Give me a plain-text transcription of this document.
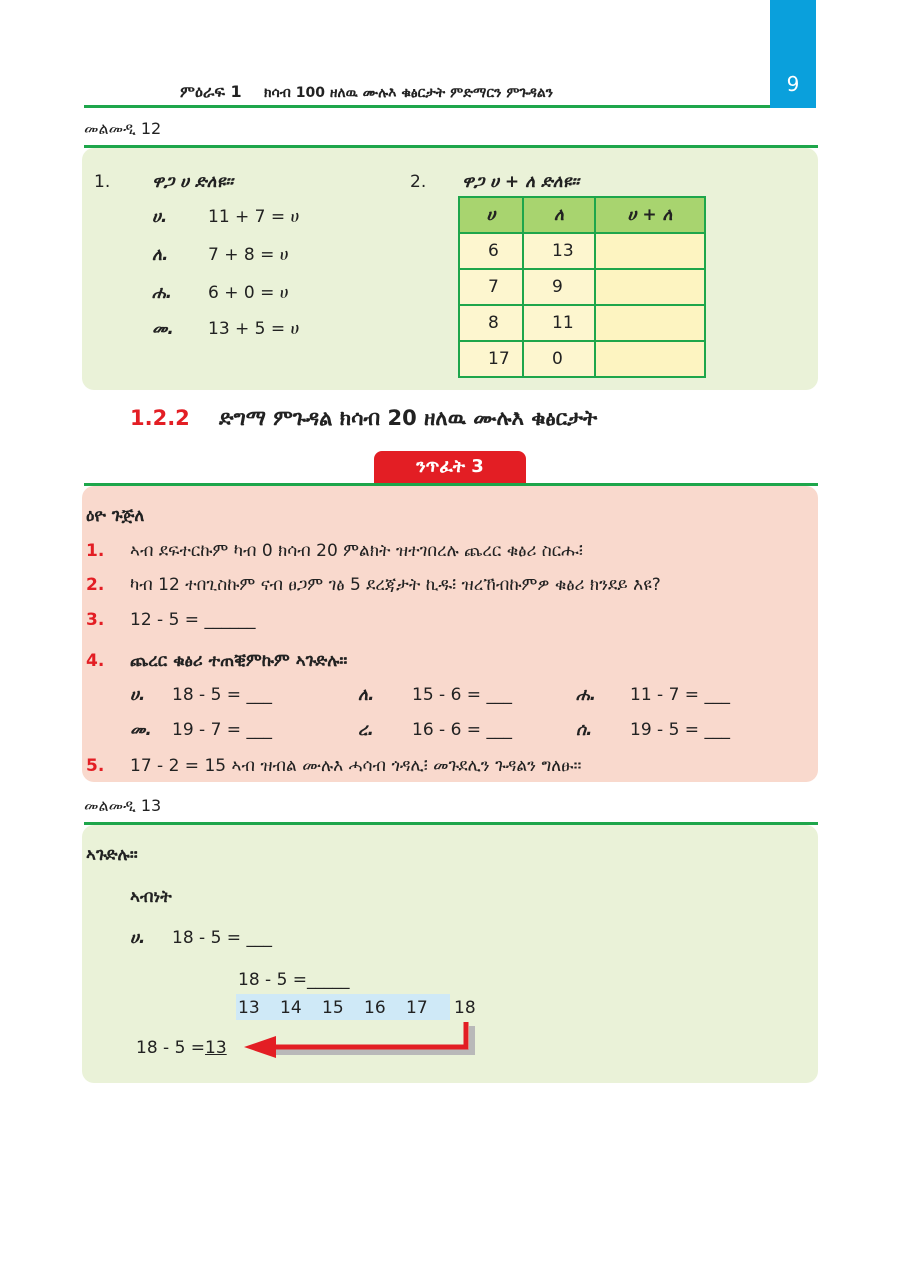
9
ምዕራፍ 1 ክሳብ 100 ዘለዉ ሙሉእ ቁፅርታት ምድማርን ምጉዳልን
መልመዲ 12
1. ዋጋ ሀ ድለዩ።
ሀ. 11 + 7 = ሀ
ለ. 7 + 8 = ሀ
ሐ. 6 + 0 = ሀ
መ. 13 + 5 = ሀ
2. ዋጋ ሀ + ለ ድለዩ።
ሀ	ለ	ሀ + ለ
6	13	
7	9	
8	11	
17	0	
1.2.2 ድግማ ምጉዳል ክሳብ 20 ዘለዉ ሙሉእ ቁፅርታት
ንጥፈት 3
ዕዮ ጉጅለ
1. ኣብ ደፍተርኩም ካብ 0 ክሳብ 20 ምልክት ዝተገበረሉ ጨረር ቁፅሪ ስርሑ፧
2. ካብ 12 ተበጊስኩም ናብ ፀጋም ገፅ 5 ደረጃታት ኪዱ፧ ዝረኸብኩምዎ ቁፅሪ ክንደይ እዩ?
3. 12 - 5 = ______
4. ጨረር ቁፅሪ ተጠቒምኩም ኣጉድሉ።
ሀ. 18 - 5 = ___	ለ. 15 - 6 = ___	ሐ. 11 - 7 = ___
መ. 19 - 7 = ___	ረ. 16 - 6 = ___	ሰ. 19 - 5 = ___
5. 17 - 2 = 15 ኣብ ዝብል ሙሉእ ሓሳብ ጎዳሊ፧ መጉደሊን ጉዳልን ግለፁ።
መልመዲ 13
ኣጉድሉ።
ኣብነት
ሀ. 18 - 5 = ___
18 - 5 =_____
13 14 15 16 17 18
18 - 5 =13
